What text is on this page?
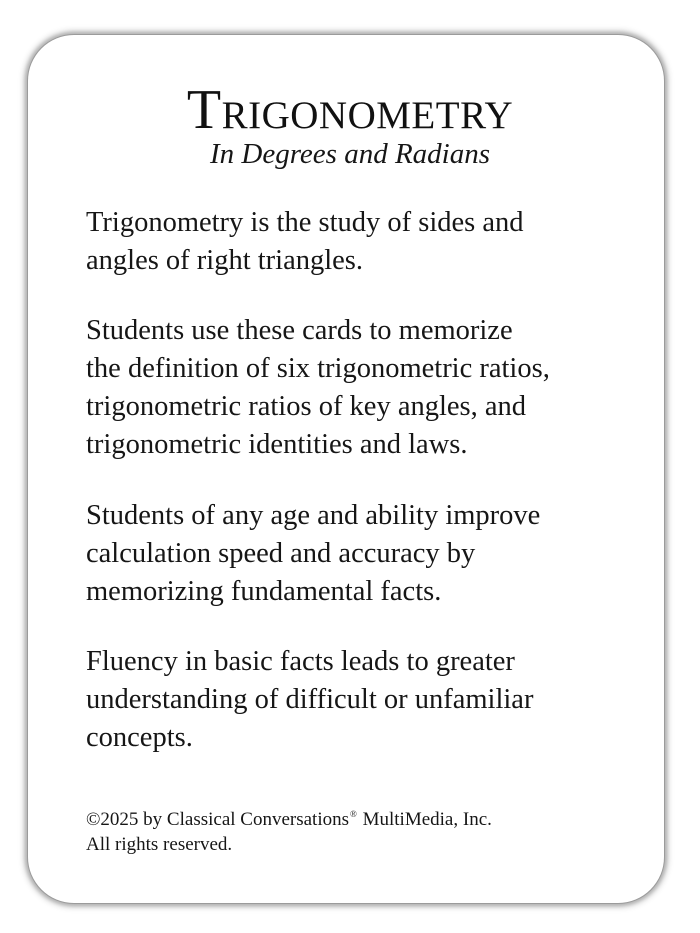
Trigonometry

In Degrees and Radians

Trigonometry is the study of sides and
angles of right triangles.

Students use these cards to memorize
the definition of six trigonometric ratios,
trigonometric ratios of key angles, and
trigonometric identities and laws.

Students of any age and ability improve
calculation speed and accuracy by
memorizing fundamental facts.

Fluency in basic facts leads to greater
understanding of difficult or unfamiliar
concepts.

©2025 by Classical Conversations® MultiMedia, Inc.

All rights reserved.
